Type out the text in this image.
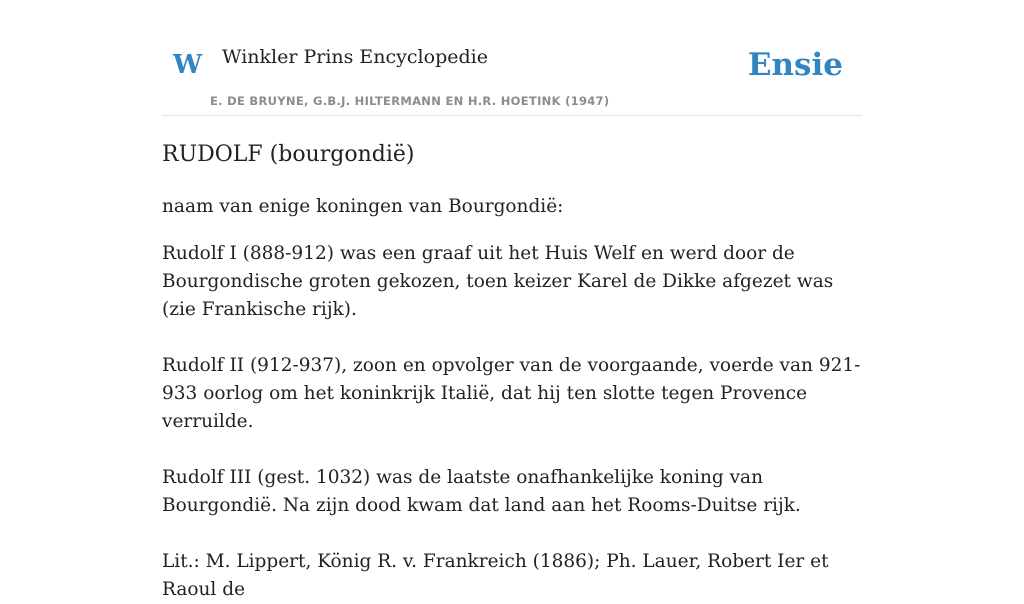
W Winkler Prins Encyclopedie
E. DE BRUYNE, G.B.J. HILTERMANN EN H.R. HOETINK (1947)
Ensie
RUDOLF (bourgondië)

naam van enige koningen van Bourgondië:

Rudolf I (888-912) was een graaf uit het Huis Welf en werd door de Bourgondische groten gekozen, toen keizer Karel de Dikke afgezet was (zie Frankische rijk).

Rudolf II (912-937), zoon en opvolger van de voorgaande, voerde van 921-933 oorlog om het koninkrijk Italië, dat hij ten slotte tegen Provence verruilde.

Rudolf III (gest. 1032) was de laatste onafhankelijke koning van Bourgondië. Na zijn dood kwam dat land aan het Rooms-Duitse rijk.

Lit.: M. Lippert, König R. v. Frankreich (1886); Ph. Lauer, Robert Ier et Raoul de
